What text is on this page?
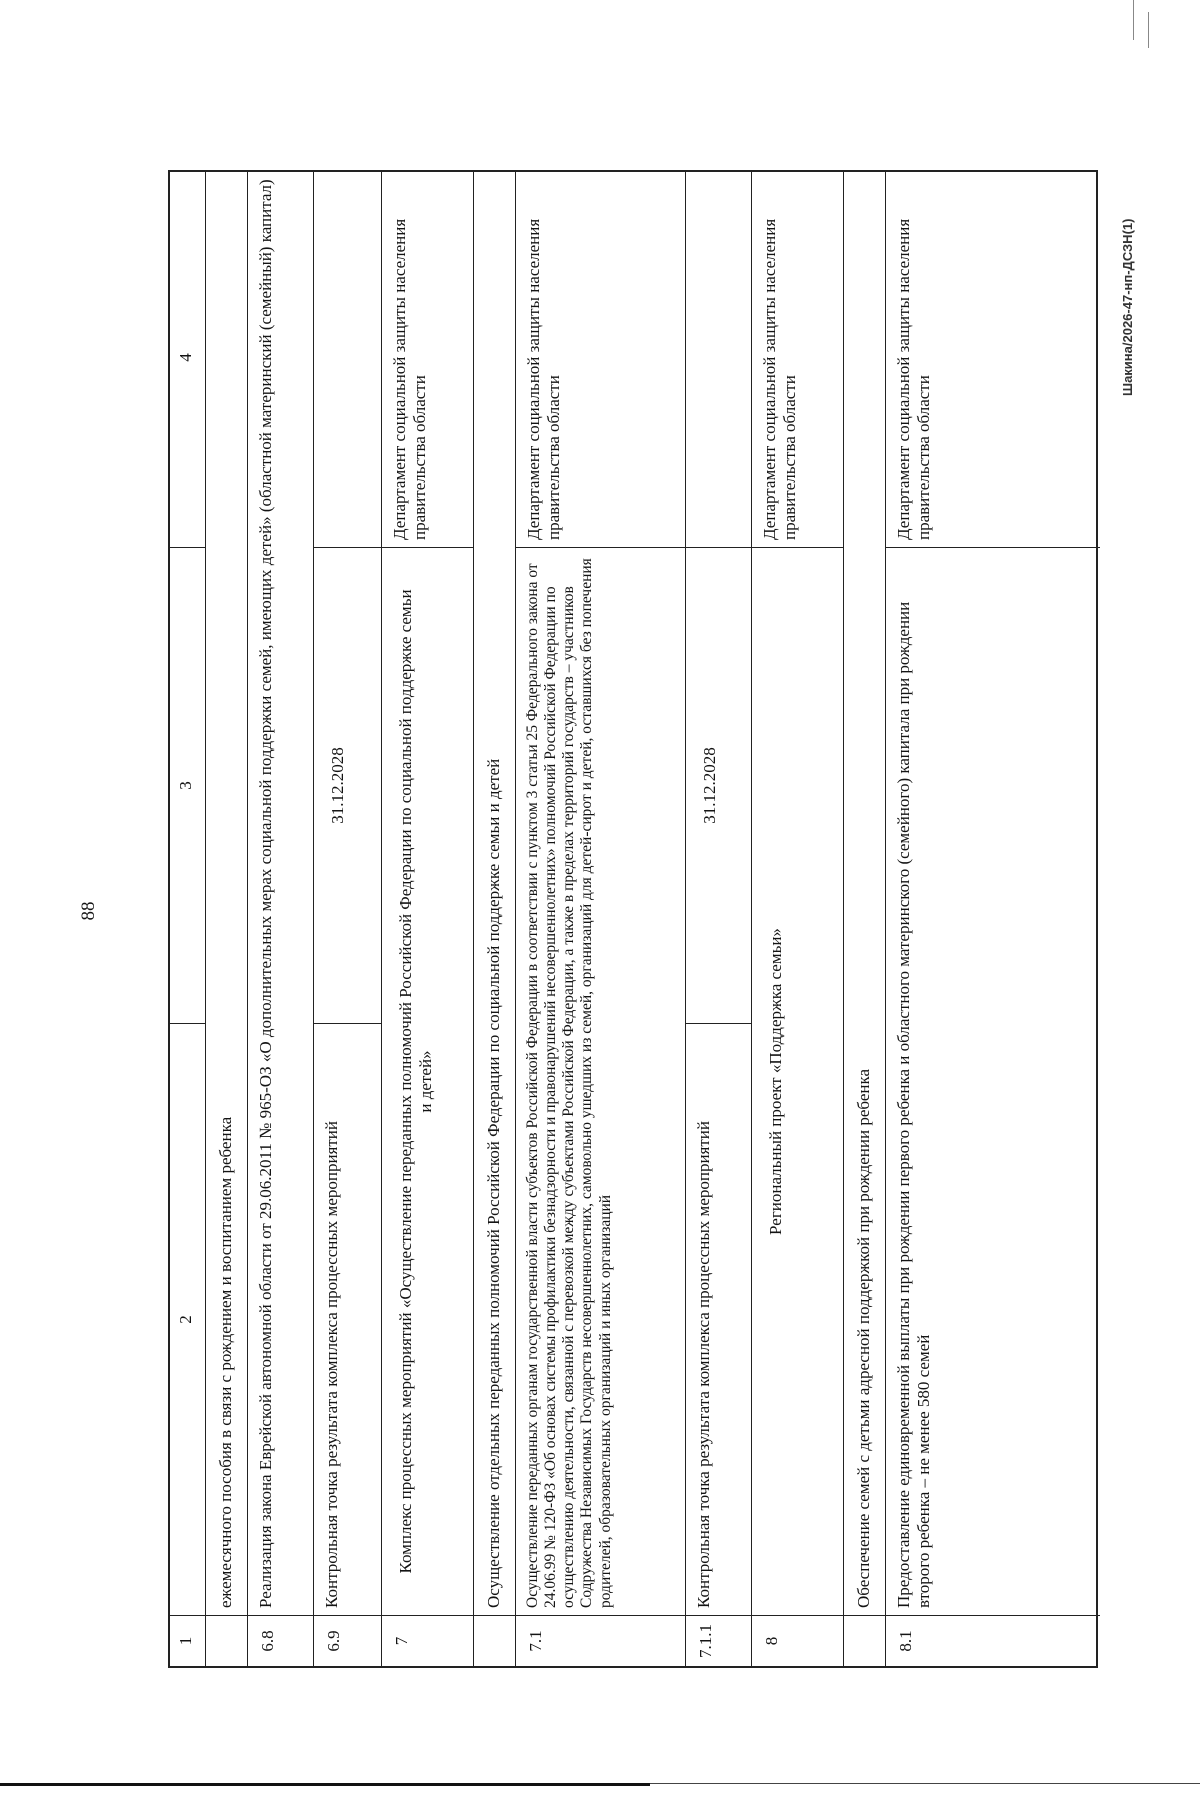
88
1
2
3
4
ежемесячного пособия в связи с рождением и воспитанием ребенка
6.8
Реализация закона Еврейской автономной области от 29.06.2011 № 965-ОЗ «О дополнительных мерах социальной поддержки семей, имеющих детей» (областной материнский (семейный) капитал)
6.9
Контрольная точка результата комплекса процессных мероприятий
31.12.2028
7
Комплекс процессных мероприятий «Осуществление переданных полномочий Российской Федерации по социальной поддержке семьи и детей»
Департамент социальной защиты населения правительства области
Осуществление отдельных переданных полномочий Российской Федерации по социальной поддержке семьи и детей
7.1
Осуществление переданных органам государственной власти субъектов Российской Федерации в соответствии с пунктом 3 статьи 25 Федерального закона от 24.06.99 № 120-ФЗ «Об основах системы профилактики безнадзорности и правонарушений несовершеннолетних» полномочий Российской Федерации по осуществлению деятельности, связанной с перевозкой между субъектами Российской Федерации, а также в пределах территорий государств – участников Содружества Независимых Государств несовершеннолетних, самовольно ушедших из семей, организаций для детей-сирот и детей, оставшихся без попечения родителей, образовательных организаций и иных организаций
Департамент социальной защиты населения правительства области
7.1.1
Контрольная точка результата комплекса процессных мероприятий
31.12.2028
8
Региональный проект «Поддержка семьи»
Департамент социальной защиты населения правительства области
Обеспечение семей с детьми адресной поддержкой при рождении ребенка
8.1
Предоставление единовременной выплаты при рождении первого ребенка и областного материнского (семейного) капитала при рождении второго ребенка – не менее 580 семей
Департамент социальной защиты населения правительства области
Шакина/2026-47-нп-ДСЗН(1)
